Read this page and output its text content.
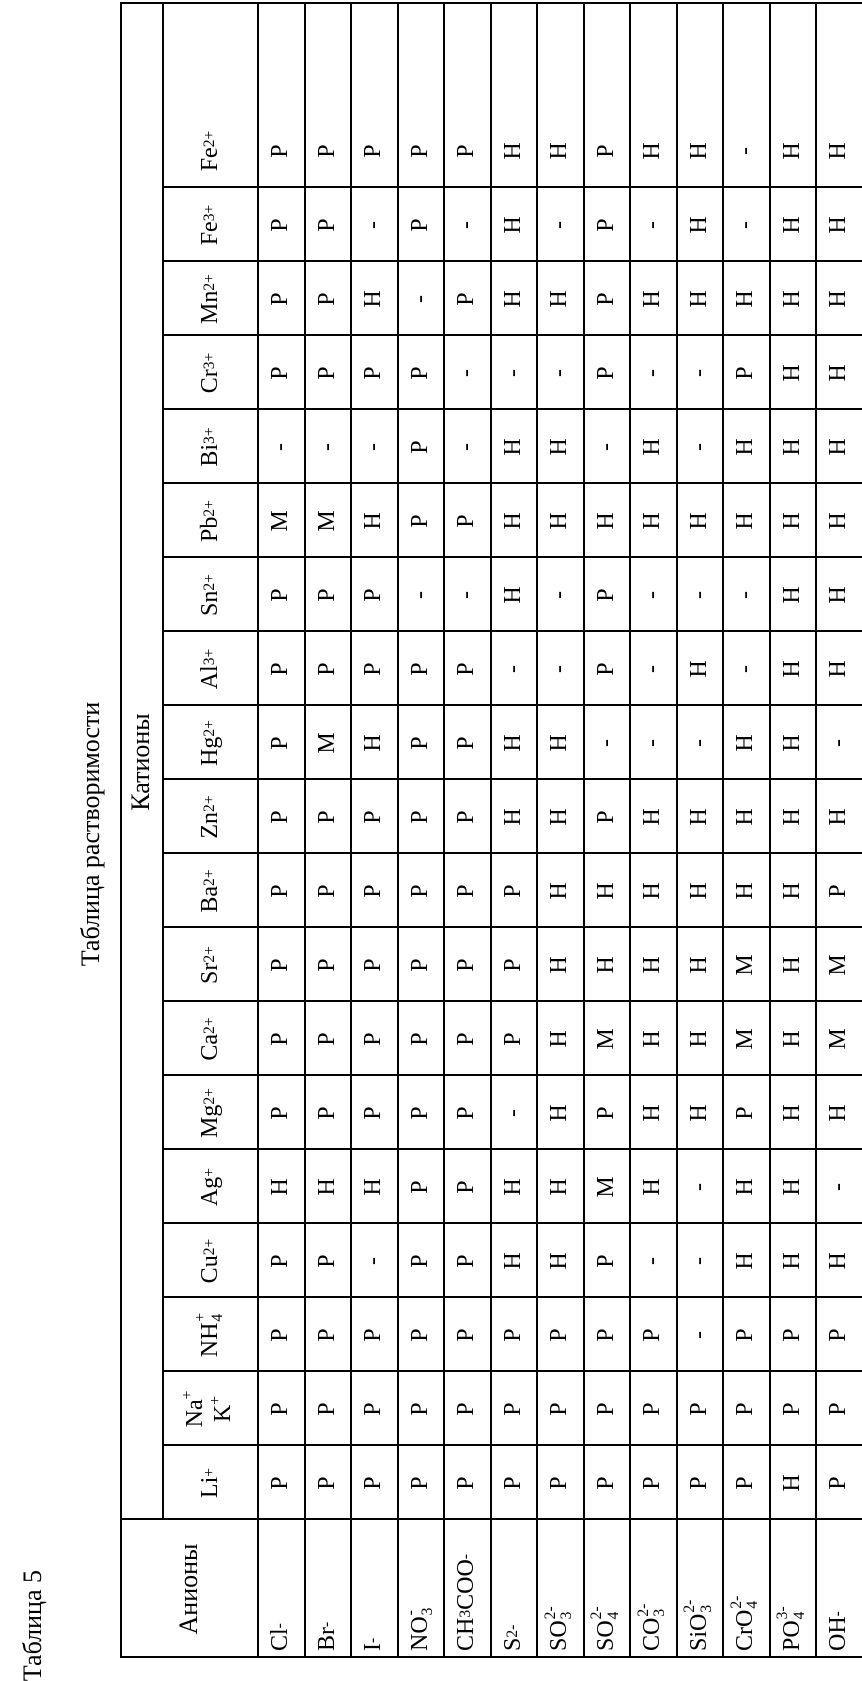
Таблица 5
Таблица растворимости
Анионы
Катионы
Li
+
Na+
K+
NH
+ 4
Cu
2+
Ag
+
Mg
2+
Ca
2+
Sr
2+
Ba
2+
Zn
2+
Hg
2+
Al
3+
Sn
2+
Pb
2+
Bi
3+
Cr
3+
Mn
2+
Fe
3+
Fe
2+
Cl
-
Р
Р
Р
Р
Н
Р
Р
Р
Р
Р
Р
Р
Р
М
-
Р
Р
Р
Р
Br
-
Р
Р
Р
Р
Н
Р
Р
Р
Р
Р
М
Р
Р
М
-
Р
Р
Р
Р
I
-
Р
Р
Р
-
Н
Р
Р
Р
Р
Р
Н
Р
Р
Н
-
Р
Н
-
Р
NO
- 3
Р
Р
Р
Р
Р
Р
Р
Р
Р
Р
Р
Р
-
Р
Р
Р
-
Р
Р
CH
3
COO
-
Р
Р
Р
Р
Р
Р
Р
Р
Р
Р
Р
Р
-
Р
-
-
Р
-
Р
S
2-
Р
Р
Р
Н
Н
-
Р
Р
Р
Н
Н
-
Н
Н
Н
-
Н
Н
Н
SO
2- 3
Р
Р
Р
Н
Н
Н
Н
Н
Н
Н
Н
-
-
Н
Н
-
Н
-
Н
SO
2- 4
Р
Р
Р
Р
М
Р
М
Н
Н
Р
-
Р
Р
Н
-
Р
Р
Р
Р
CO
2- 3
Р
Р
Р
-
Н
Н
Н
Н
Н
Н
-
-
-
Н
Н
-
Н
-
Н
SiO
2- 3
Р
Р
-
-
-
Н
Н
Н
Н
Н
-
Н
-
Н
-
-
Н
Н
Н
CrO
2- 4
Р
Р
Р
Н
Н
Р
М
М
Н
Н
Н
-
-
Н
Н
Р
Н
-
-
PO
3- 4
Н
Р
Р
Н
Н
Н
Н
Н
Н
Н
Н
Н
Н
Н
Н
Н
Н
Н
Н
OH
-
Р
Р
Р
Н
-
Н
М
М
Р
Н
-
Н
Н
Н
Н
Н
Н
Н
Н
